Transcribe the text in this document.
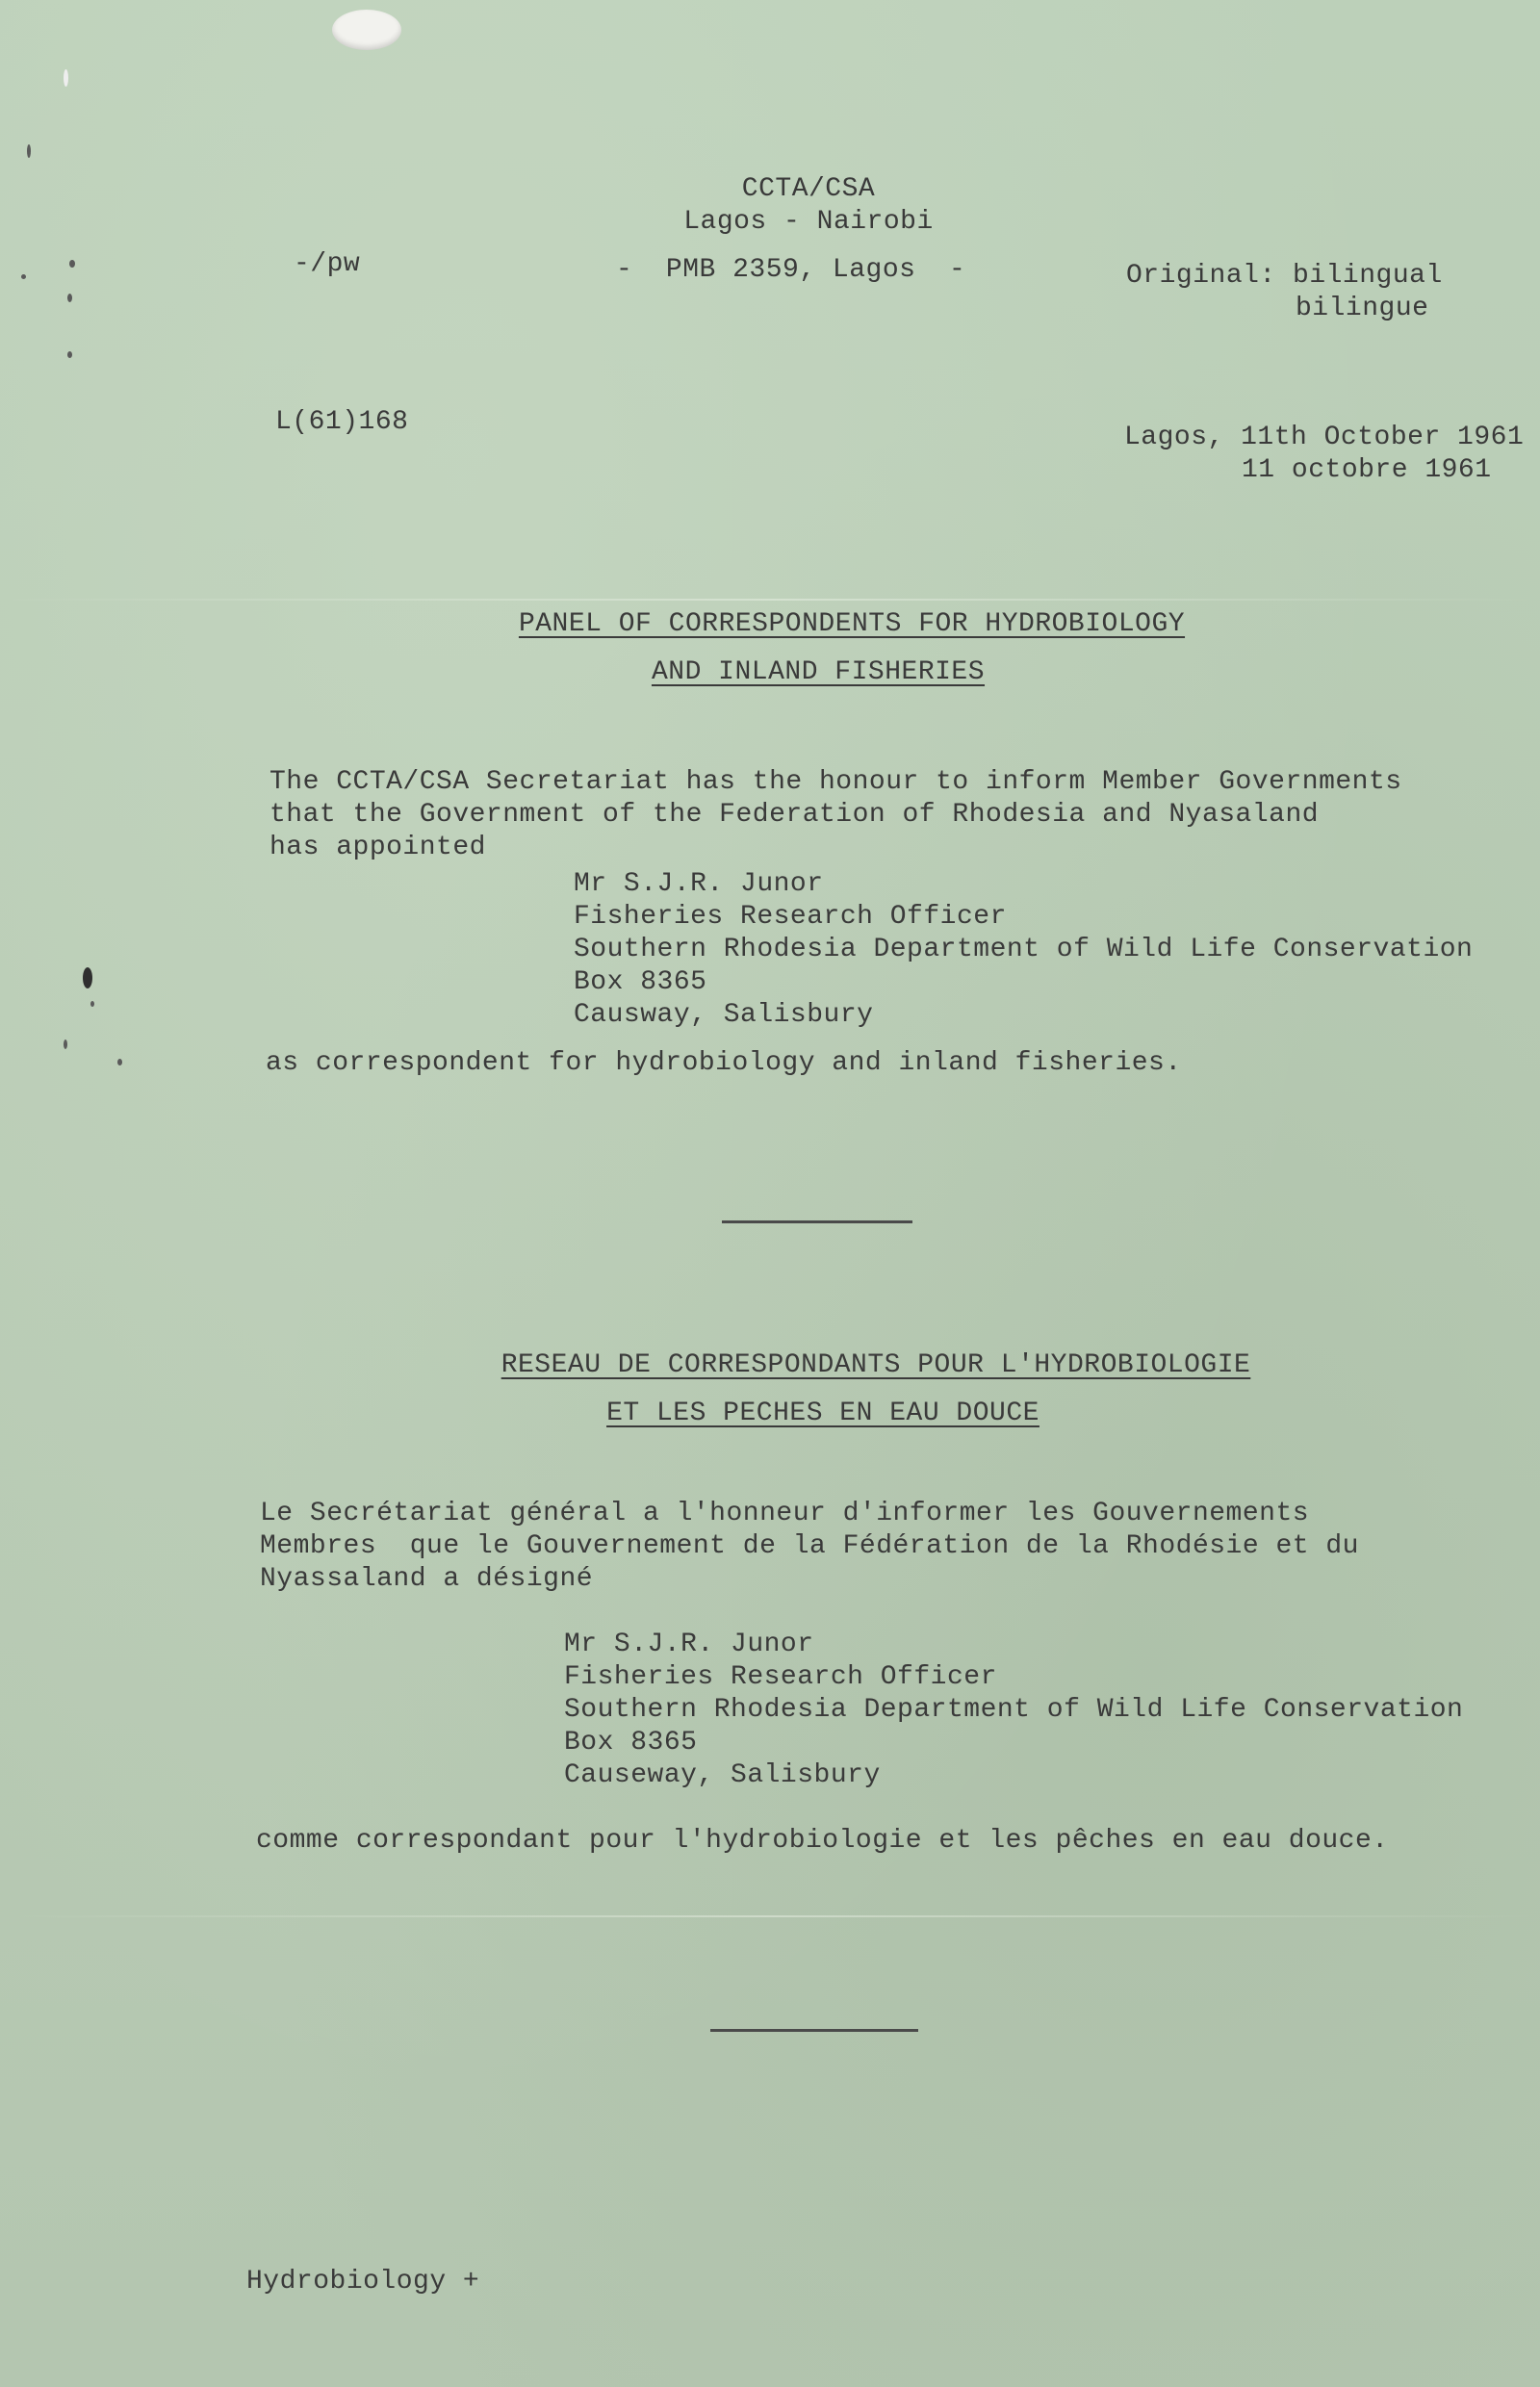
CCTA/CSA

Lagos - Nairobi

-/pw	-  PMB 2359, Lagos  -	Original: bilingual

bilingue

L(61)168

Lagos, 11th October 1961

11 octobre 1961

PANEL OF CORRESPONDENTS FOR HYDROBIOLOGY

AND INLAND FISHERIES

The CCTA/CSA Secretariat has the honour to inform Member Governments

that the Government of the Federation of Rhodesia and Nyasaland

has appointed

Mr S.J.R. Junor

Fisheries Research Officer

Southern Rhodesia Department of Wild Life Conservation

Box 8365

Causway, Salisbury

as correspondent for hydrobiology and inland fisheries.

RESEAU DE CORRESPONDANTS POUR L'HYDROBIOLOGIE

ET LES PECHES EN EAU DOUCE

Le Secrétariat général a l'honneur d'informer les Gouvernements

Membres  que le Gouvernement de la Fédération de la Rhodésie et du

Nyassaland a désigné

Mr S.J.R. Junor

Fisheries Research Officer

Southern Rhodesia Department of Wild Life Conservation

Box 8365

Causeway, Salisbury

comme correspondant pour l'hydrobiologie et les pêches en eau douce.

Hydrobiology +
